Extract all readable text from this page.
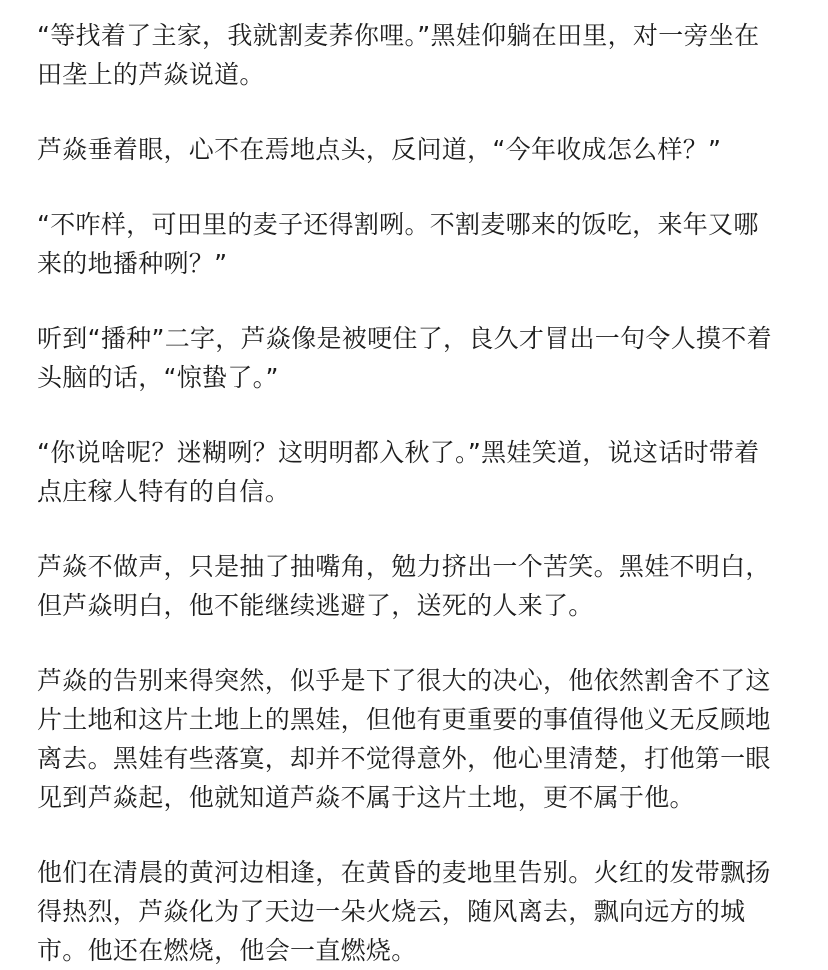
“等找着了主家，我就割麦荞你哩。”黑娃仰躺在田里，对一旁坐在
田垄上的芦焱说道。

芦焱垂着眼，心不在焉地点头，反问道，“今年收成怎么样？”

“不咋样，可田里的麦子还得割咧。不割麦哪来的饭吃，来年又哪
来的地播种咧？”

听到“播种”二字，芦焱像是被哽住了，良久才冒出一句令人摸不着
头脑的话，“惊蛰了。”

“你说啥呢？迷糊咧？这明明都入秋了。”黑娃笑道，说这话时带着
点庄稼人特有的自信。

芦焱不做声，只是抽了抽嘴角，勉力挤出一个苦笑。黑娃不明白，
但芦焱明白，他不能继续逃避了，送死的人来了。

芦焱的告别来得突然，似乎是下了很大的决心，他依然割舍不了这
片土地和这片土地上的黑娃，但他有更重要的事值得他义无反顾地
离去。黑娃有些落寞，却并不觉得意外，他心里清楚，打他第一眼
见到芦焱起，他就知道芦焱不属于这片土地，更不属于他。

他们在清晨的黄河边相逢，在黄昏的麦地里告别。火红的发带飘扬
得热烈，芦焱化为了天边一朵火烧云，随风离去，飘向远方的城
市。他还在燃烧，他会一直燃烧。
